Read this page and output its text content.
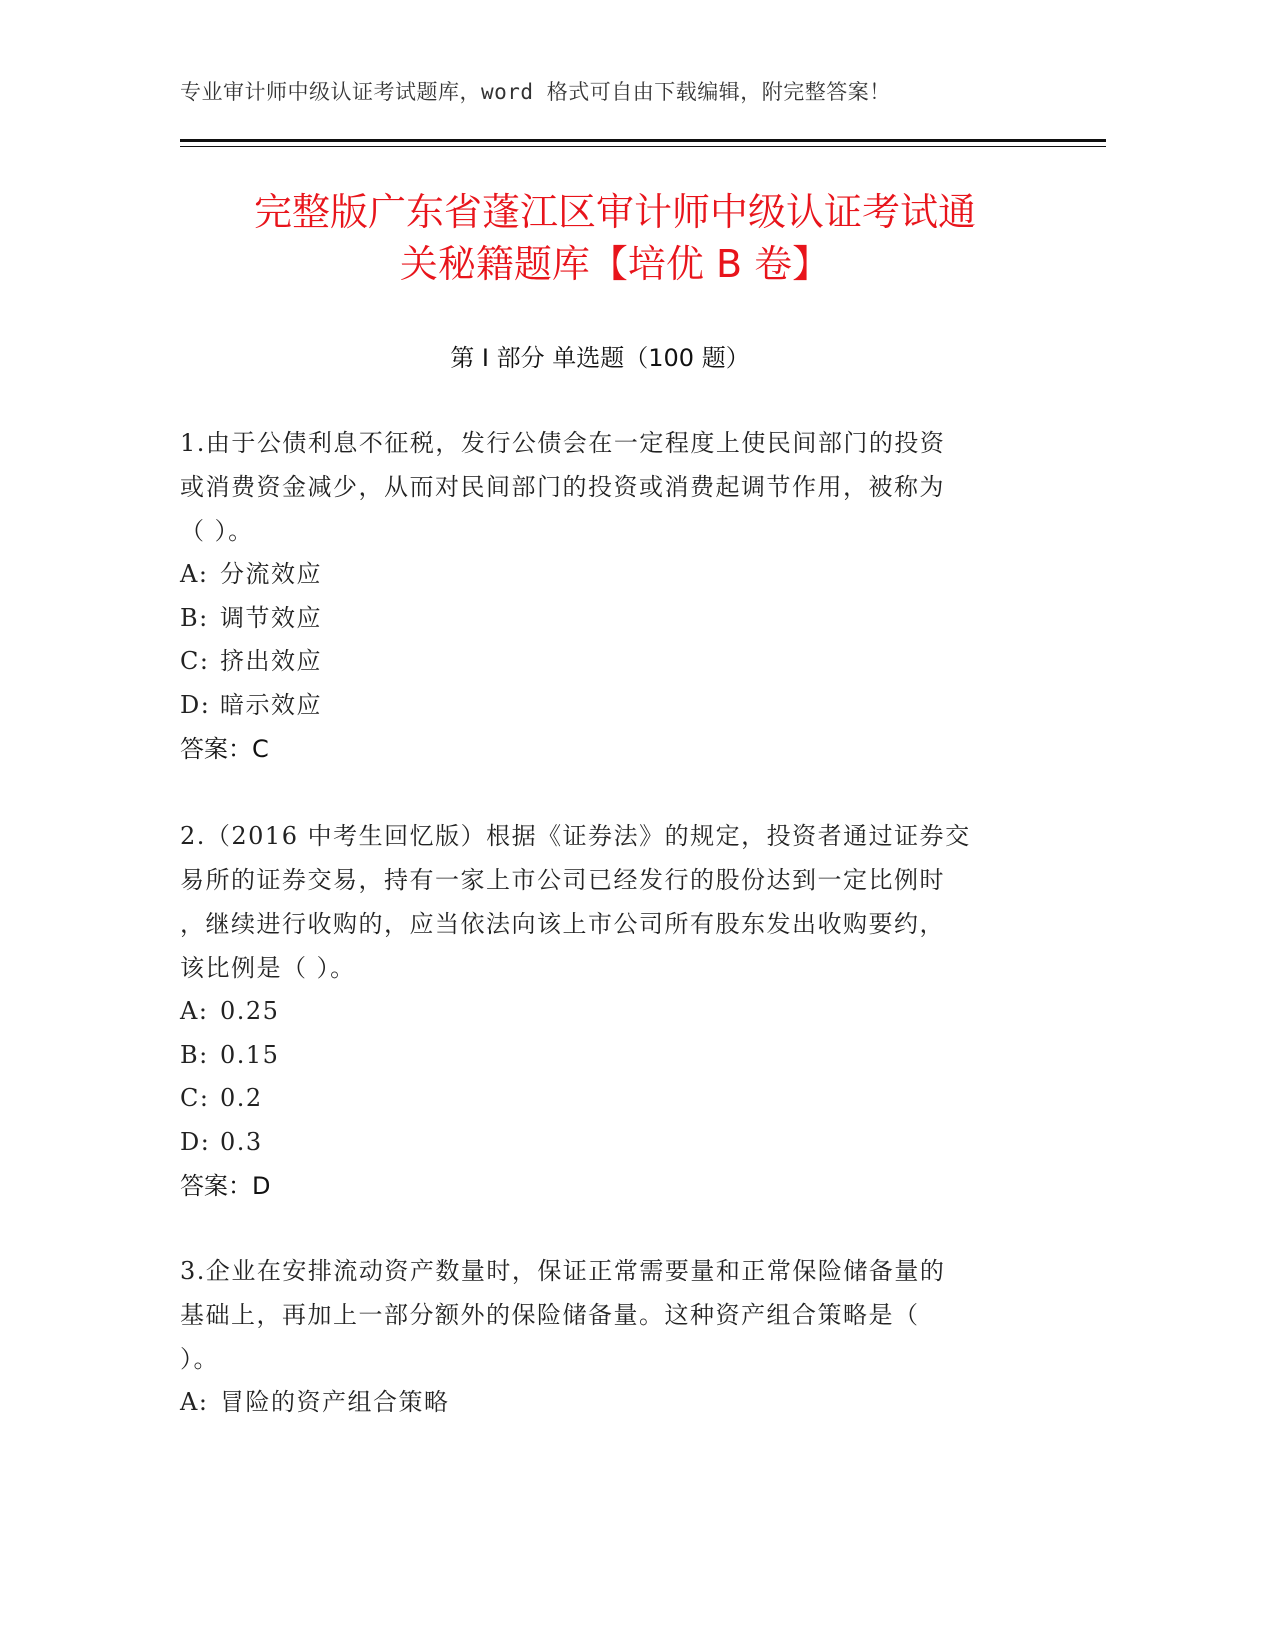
专业审计师中级认证考试题库，word 格式可自由下载编辑，附完整答案！
完整版广东省蓬江区审计师中级认证考试通
关秘籍题库【培优 B 卷】
第 I 部分 单选题（100 题）
1.由于公债利息不征税，发行公债会在一定程度上使民间部门的投资
或消费资金减少，从而对民间部门的投资或消费起调节作用，被称为
（ ）。
A: 分流效应
B: 调节效应
C: 挤出效应
D: 暗示效应
答案：C
2.（2016 中考生回忆版）根据《证券法》的规定，投资者通过证券交
易所的证券交易，持有一家上市公司已经发行的股份达到一定比例时
，继续进行收购的，应当依法向该上市公司所有股东发出收购要约，
该比例是（ ）。
A: 0.25
B: 0.15
C: 0.2
D: 0.3
答案：D
3.企业在安排流动资产数量时，保证正常需要量和正常保险储备量的
基础上，再加上一部分额外的保险储备量。这种资产组合策略是（
）。
A: 冒险的资产组合策略
